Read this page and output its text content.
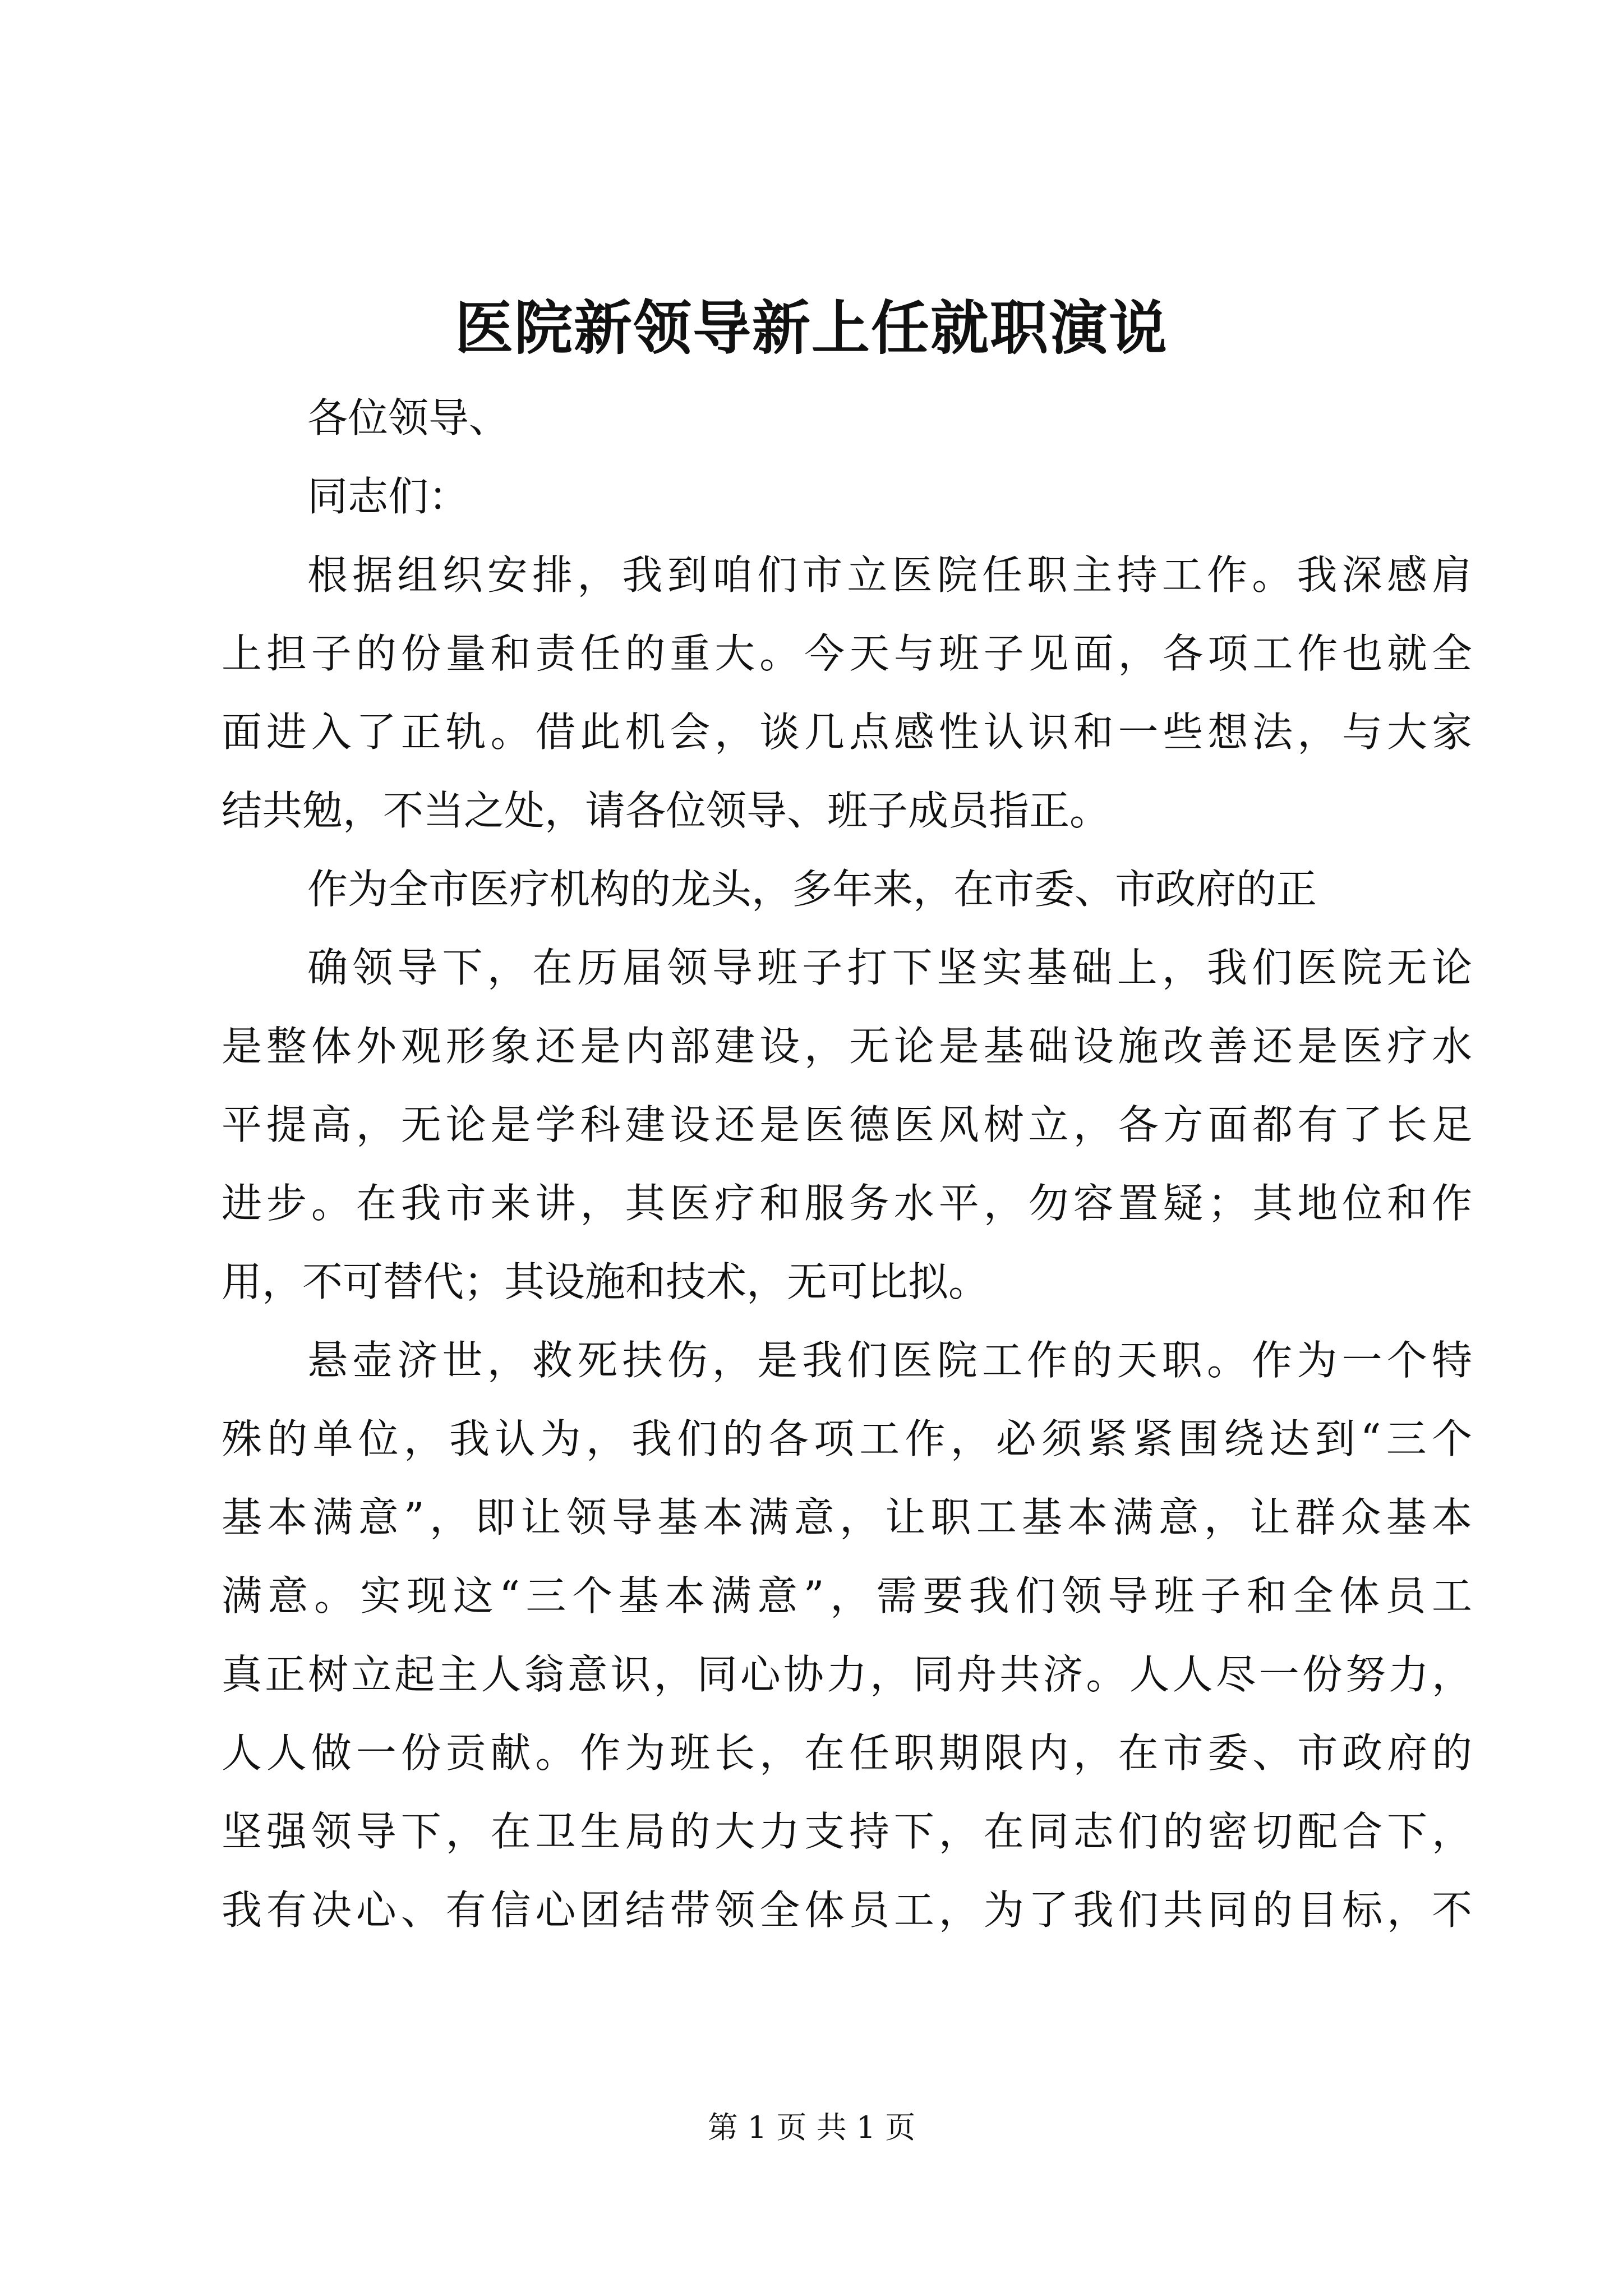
医院新领导新上任就职演说
各位领导、
同志们：
根据组织安排，我到咱们市立医院任职主持工作。我深感肩
上担子的份量和责任的重大。今天与班子见面，各项工作也就全
面进入了正轨。借此机会，谈几点感性认识和一些想法，与大家
结共勉，不当之处，请各位领导、班子成员指正。
作为全市医疗机构的龙头，多年来，在市委、市政府的正
确领导下，在历届领导班子打下坚实基础上，我们医院无论
是整体外观形象还是内部建设，无论是基础设施改善还是医疗水
平提高，无论是学科建设还是医德医风树立，各方面都有了长足
进步。在我市来讲，其医疗和服务水平，勿容置疑；其地位和作
用，不可替代；其设施和技术，无可比拟。
悬壶济世，救死扶伤，是我们医院工作的天职。作为一个特
殊的单位，我认为，我们的各项工作，必须紧紧围绕达到“三个
基本满意”，即让领导基本满意，让职工基本满意，让群众基本
满意。实现这“三个基本满意”，需要我们领导班子和全体员工
真正树立起主人翁意识，同心协力，同舟共济。人人尽一份努力，
人人做一份贡献。作为班长，在任职期限内，在市委、市政府的
坚强领导下，在卫生局的大力支持下，在同志们的密切配合下，
我有决心、有信心团结带领全体员工，为了我们共同的目标，不
第 1 页 共 1 页
